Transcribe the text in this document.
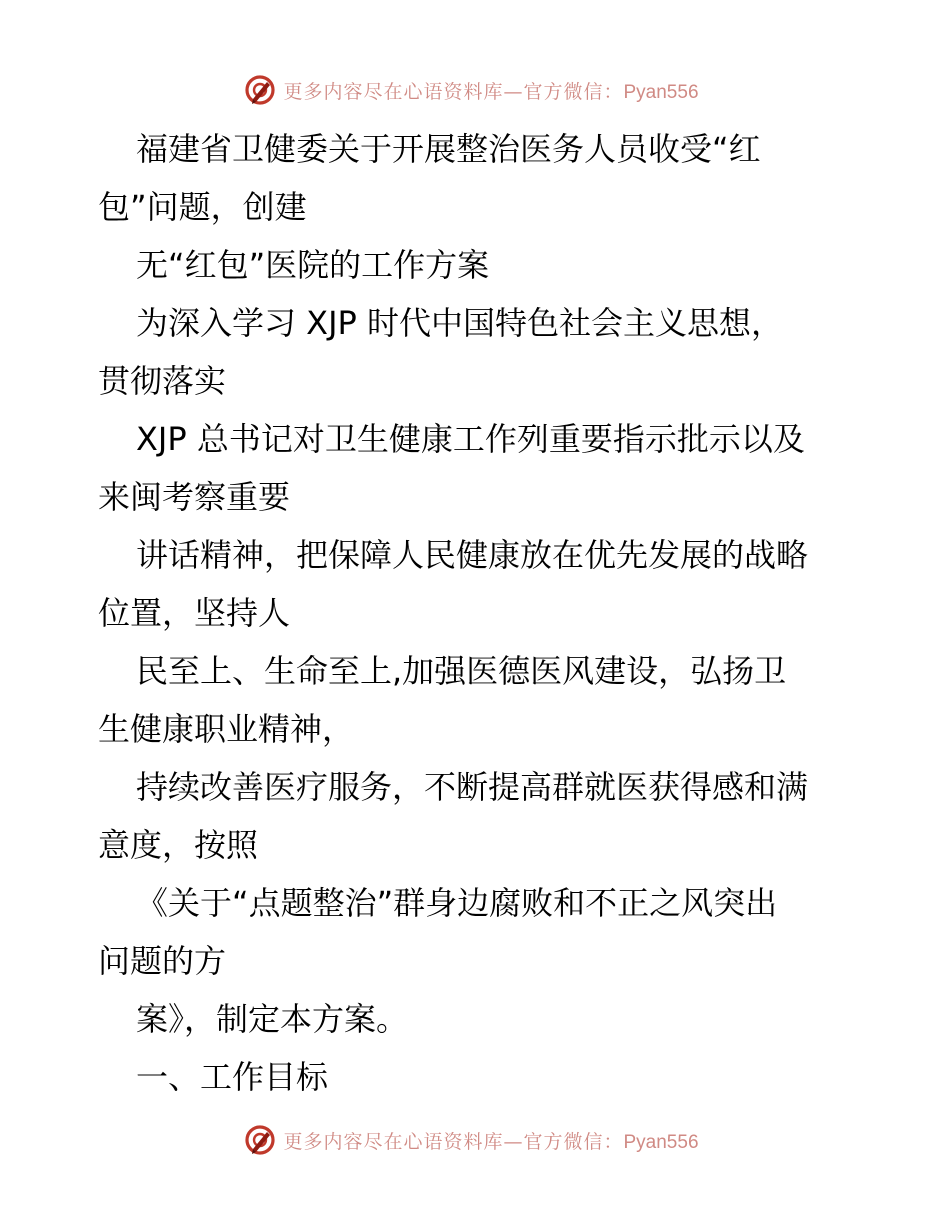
更多内容尽在心语资料库—官方微信：Pyan556
福建省卫健委关于开展整治医务人员收受“红
包”问题，创建
无“红包”医院的工作方案
为深入学习 XJP 时代中国特色社会主义思想，
贯彻落实
XJP 总书记对卫生健康工作列重要指示批示以及
来闽考察重要
讲话精神，把保障人民健康放在优先发展的战略
位置，坚持人
民至上、生命至上,加强医德医风建设，弘扬卫
生健康职业精神，
持续改善医疗服务，不断提高群就医获得感和满
意度，按照
《关于“点题整治”群身边腐败和不正之风突出
问题的方
案》，制定本方案。
一、工作目标
更多内容尽在心语资料库—官方微信：Pyan556
